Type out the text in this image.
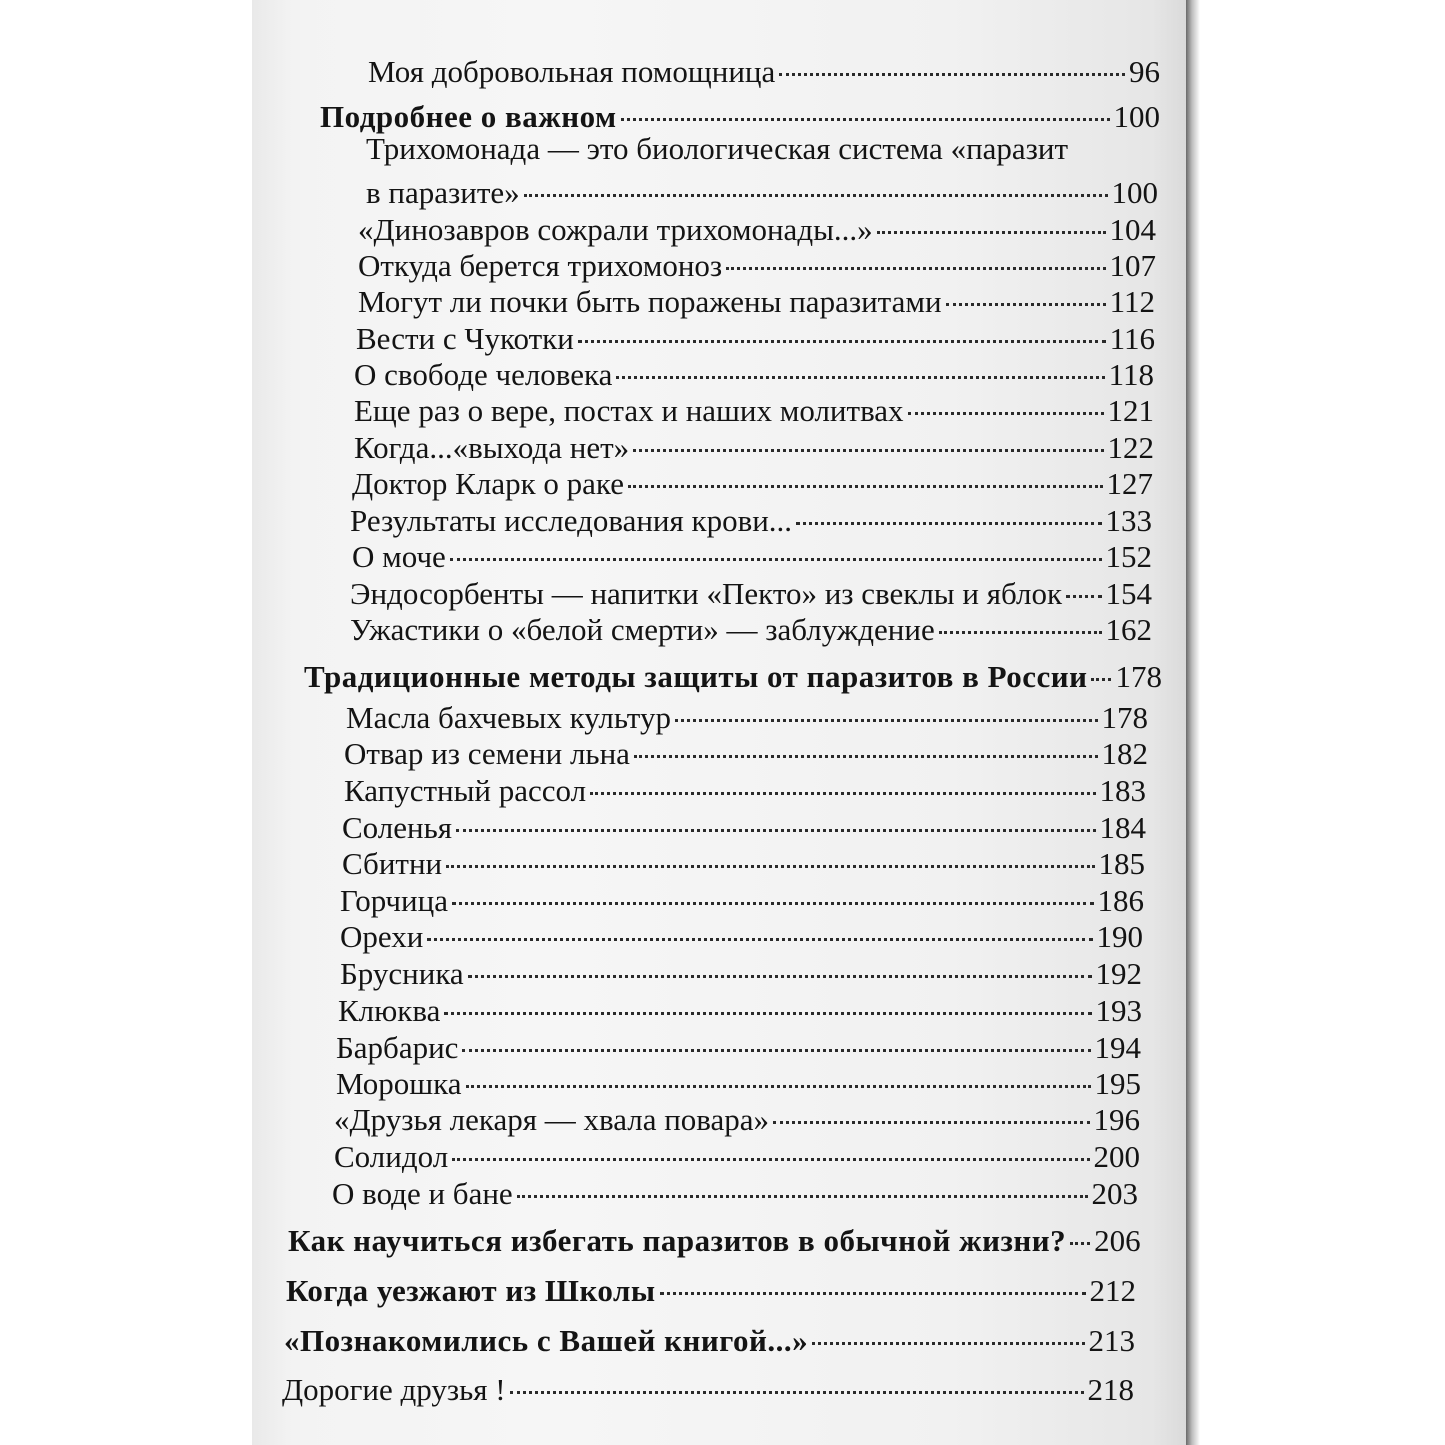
Моя добровольная помощница	96
Подробнее о важном	100
Трихомонада — это биологическая система «паразит
в паразите»	100
«Динозавров сожрали трихомонады...»	104
Откуда берется трихомоноз	107
Могут ли почки быть поражены паразитами	112
Вести с Чукотки	116
О свободе человека	118
Еще раз о вере, постах и наших молитвах	121
Когда...«выхода нет»	122
Доктор Кларк о раке	127
Результаты исследования крови...	133
О моче	152
Эндосорбенты — напитки «Пекто» из свеклы и яблок 154
Ужастики о «белой смерти» — заблуждение	162
Традиционные методы защиты от паразитов в России 178
Масла бахчевых культур	178
Отвар из семени льна	182
Капустный рассол	183
Соленья	184
Сбитни	185
Горчица	186
Орехи	190
Брусника	192
Клюква	193
Барбарис	194
Морошка	195
«Друзья лекаря — хвала повара»	196
Солидол	200
О воде и бане	203
Как научиться избегать паразитов в обычной жизни? 206
Когда уезжают из Школы	212
«Познакомились с Вашей книгой...»	213
Дорогие друзья !	218
